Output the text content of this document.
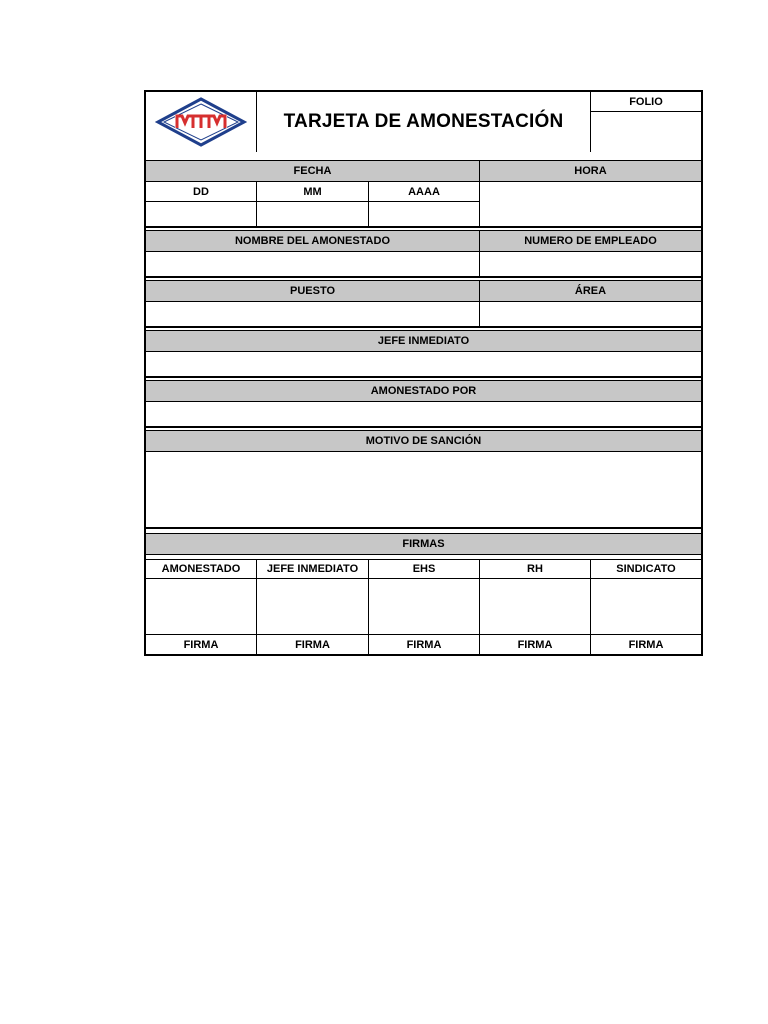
TARJETA DE AMONESTACIÓN
FOLIO
FECHA	HORA
DD	MM	AAAA
NOMBRE DEL AMONESTADO	NUMERO DE EMPLEADO
PUESTO	ÁREA
JEFE INMEDIATO
AMONESTADO POR
MOTIVO DE SANCIÓN
FIRMAS
AMONESTADO	JEFE INMEDIATO	EHS	RH	SINDICATO
FIRMA	FIRMA	FIRMA	FIRMA	FIRMA
